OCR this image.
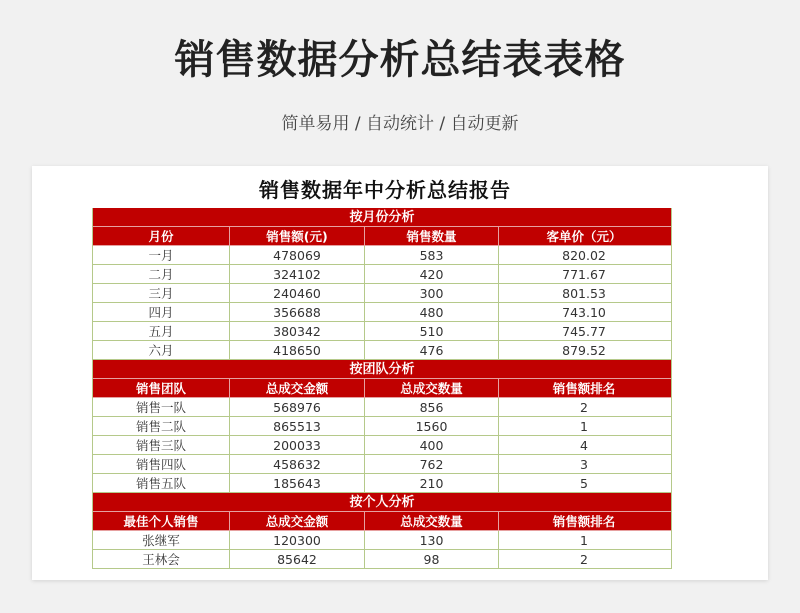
销售数据分析总结表表格
简单易用 / 自动统计 / 自动更新
销售数据年中分析总结报告
按月份分析
月份	销售额(元)	销售数量	客单价（元）
一月	478069	583	820.02
二月	324102	420	771.67
三月	240460	300	801.53
四月	356688	480	743.10
五月	380342	510	745.77
六月	418650	476	879.52
按团队分析
销售团队	总成交金额	总成交数量	销售额排名
销售一队	568976	856	2
销售二队	865513	1560	1
销售三队	200033	400	4
销售四队	458632	762	3
销售五队	185643	210	5
按个人分析
最佳个人销售	总成交金额	总成交数量	销售额排名
张继军	120300	130	1
王林会	85642	98	2
